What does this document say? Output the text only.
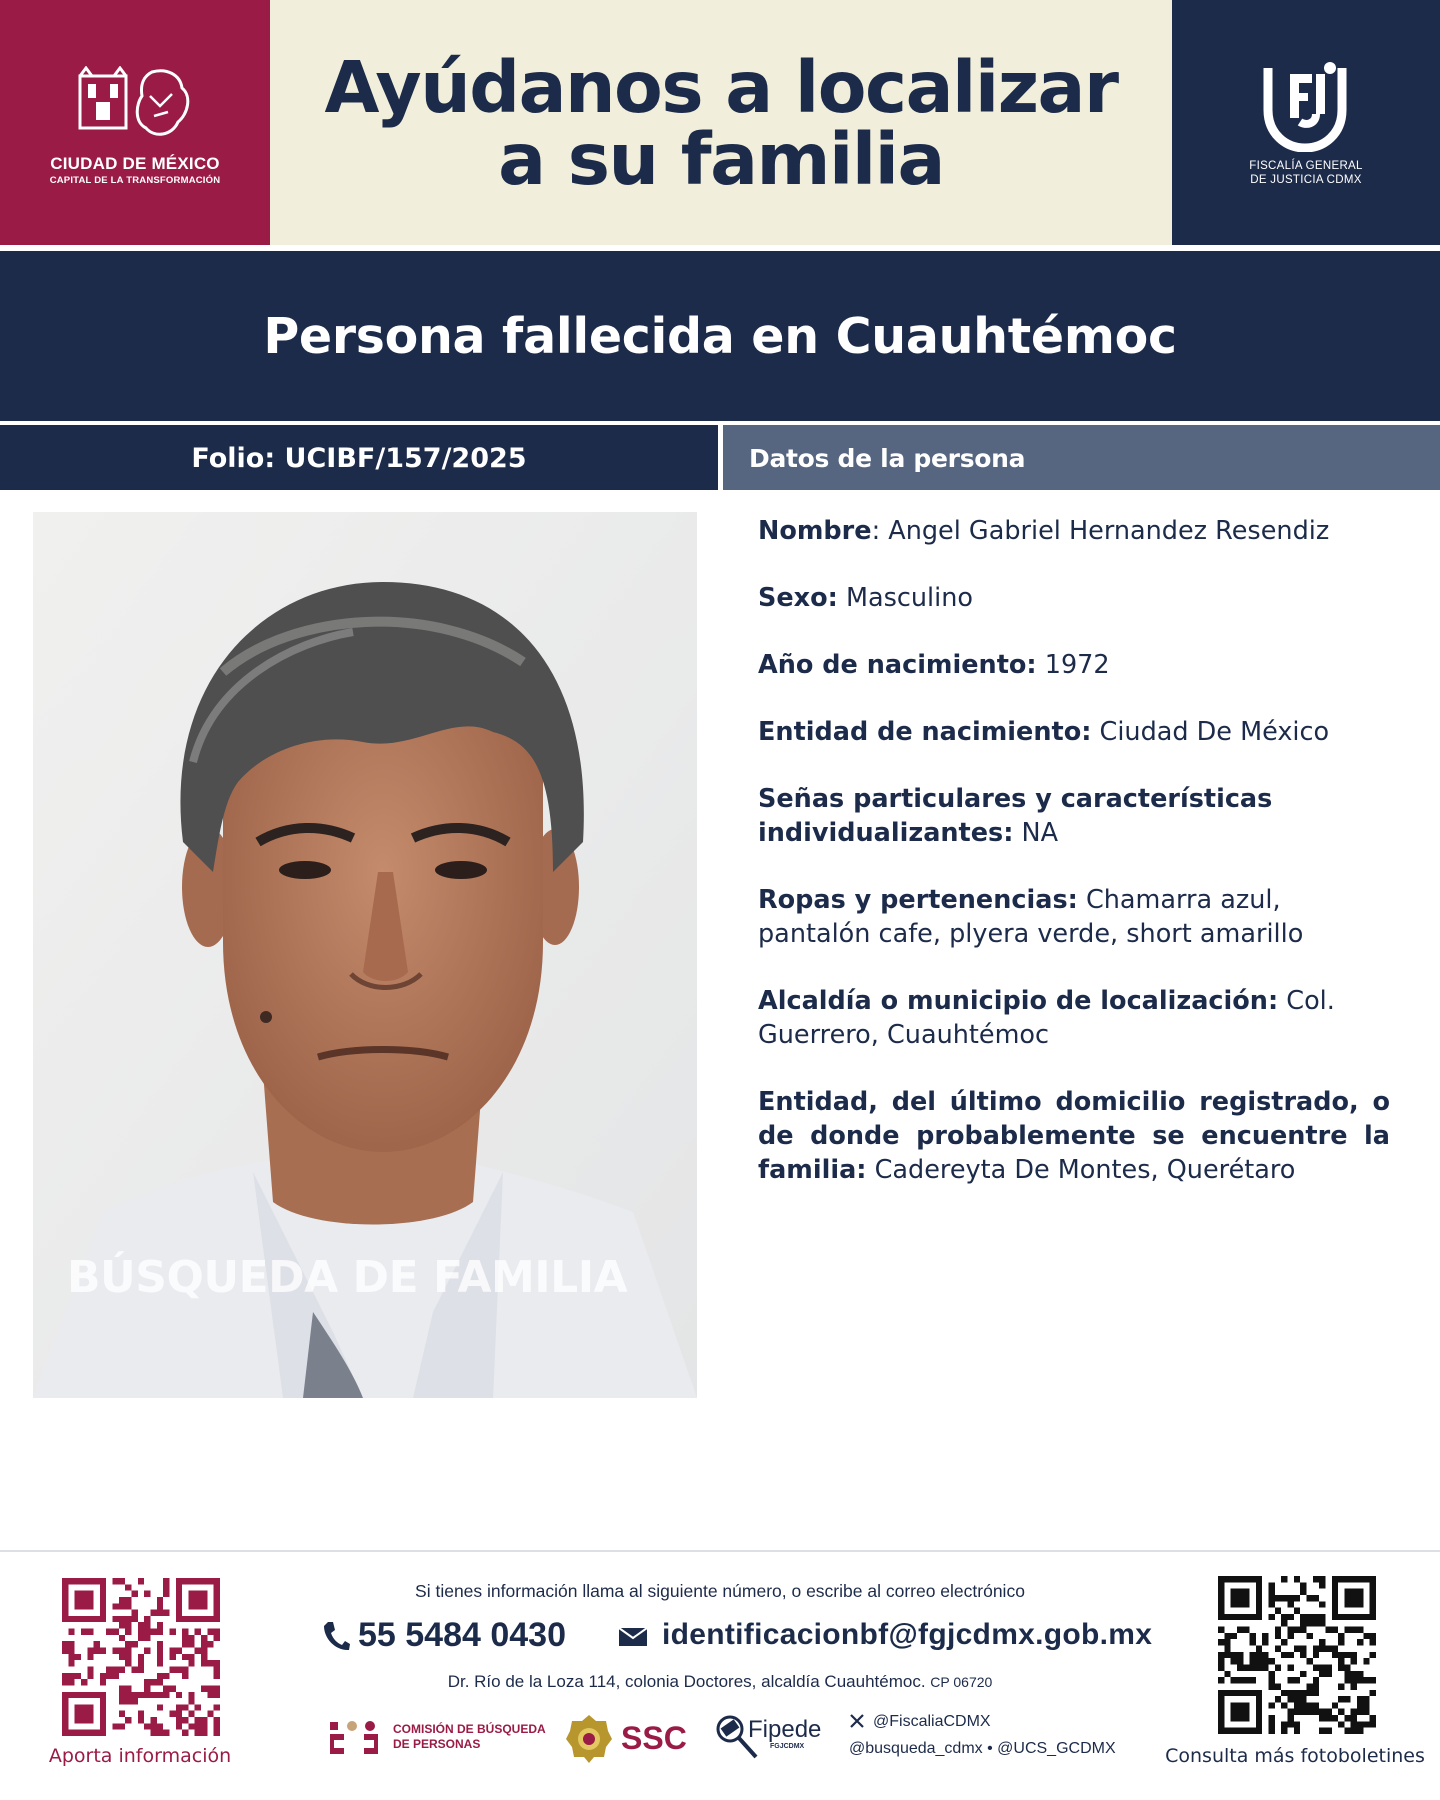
CIUDAD DE MÉXICO
CAPITAL DE LA TRANSFORMACIÓN
Ayúdanos a localizar
a su familia	FISCALÍA GENERAL
DE JUSTICIA CDMX
Persona fallecida en Cuauhtémoc
Folio: UCIBF/157/2025	Datos de la persona
BÚSQUEDA DE FAMILIA
Nombre: Angel Gabriel Hernandez Resendiz
Sexo: Masculino
Año de nacimiento: 1972
Entidad de nacimiento: Ciudad De México
Señas particulares y características individualizantes: NA
Ropas y pertenencias: Chamarra azul, pantalón cafe, plyera verde, short amarillo
Alcaldía o municipio de localización: Col. Guerrero, Cuauhtémoc
Entidad, del último domicilio registrado, o de donde probablemente se encuentre la familia: Cadereyta De Montes, Querétaro
Aporta información
Si tienes información llama al siguiente número, o escribe al correo electrónico
55 5484 0430	identificacionbf@fgjcdmx.gob.mx
Dr. Río de la Loza 114, colonia Doctores, alcaldía Cuauhtémoc. CP 06720
COMISIÓN DE BÚSQUEDA
DE PERSONAS	SSC	Fipede
FGJCDMX
@FiscaliaCDMX
@busqueda_cdmx • @UCS_GCDMX	Consulta más fotoboletines
